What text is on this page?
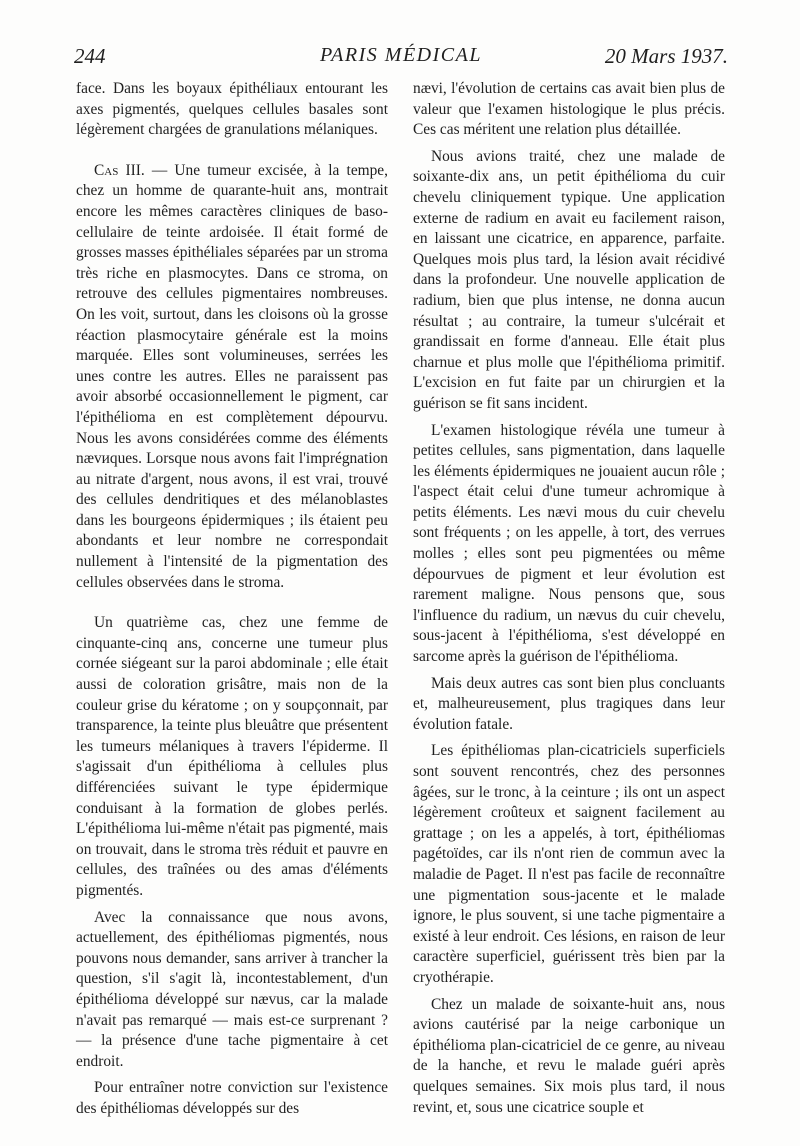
244	PARIS MÉDICAL	20 Mars 1937.

face. Dans les boyaux épithéliaux entourant les axes pigmentés, quelques cellules basales sont légèrement chargées de granulations mélaniques.

Cas III. — Une tumeur excisée, à la tempe, chez un homme de quarante-huit ans, montrait encore les mêmes caractères cliniques de baso-cellulaire de teinte ardoisée. Il était formé de grosses masses épithéliales séparées par un stroma très riche en plasmocytes. Dans ce stroma, on retrouve des cellules pigmentaires nombreuses. On les voit, surtout, dans les cloisons où la grosse réaction plasmocytaire générale est la moins marquée. Elles sont volumineuses, serrées les unes contre les autres. Elles ne paraissent pas avoir absorbé occasionnellement le pigment, car l'épithélioma en est complètement dépourvu. Nous les avons considérées comme des éléments nævиques. Lorsque nous avons fait l'imprégnation au nitrate d'argent, nous avons, il est vrai, trouvé des cellules dendritiques et des mélanoblastes dans les bourgeons épidermiques ; ils étaient peu abondants et leur nombre ne correspondait nullement à l'intensité de la pigmentation des cellules observées dans le stroma.

Un quatrième cas, chez une femme de cinquante-cinq ans, concerne une tumeur plus cornée siégeant sur la paroi abdominale ; elle était aussi de coloration grisâtre, mais non de la couleur grise du kératome ; on y soupçonnait, par transparence, la teinte plus bleuâtre que présentent les tumeurs mélaniques à travers l'épiderme. Il s'agissait d'un épithélioma à cellules plus différenciées suivant le type épidermique conduisant à la formation de globes perlés. L'épithélioma lui-même n'était pas pigmenté, mais on trouvait, dans le stroma très réduit et pauvre en cellules, des traînées ou des amas d'éléments pigmentés.

Avec la connaissance que nous avons, actuellement, des épithéliomas pigmentés, nous pouvons nous demander, sans arriver à trancher la question, s'il s'agit là, incontestablement, d'un épithélioma développé sur nævus, car la malade n'avait pas remarqué — mais est-ce surprenant ? — la présence d'une tache pigmentaire à cet endroit.

Pour entraîner notre conviction sur l'existence des épithéliomas développés sur des

nævi, l'évolution de certains cas avait bien plus de valeur que l'examen histologique le plus précis. Ces cas méritent une relation plus détaillée.

Nous avions traité, chez une malade de soixante-dix ans, un petit épithélioma du cuir chevelu cliniquement typique. Une application externe de radium en avait eu facilement raison, en laissant une cicatrice, en apparence, parfaite. Quelques mois plus tard, la lésion avait récidivé dans la profondeur. Une nouvelle application de radium, bien que plus intense, ne donna aucun résultat ; au contraire, la tumeur s'ulcérait et grandissait en forme d'anneau. Elle était plus charnue et plus molle que l'épithélioma primitif. L'excision en fut faite par un chirurgien et la guérison se fit sans incident.

L'examen histologique révéla une tumeur à petites cellules, sans pigmentation, dans laquelle les éléments épidermiques ne jouaient aucun rôle ; l'aspect était celui d'une tumeur achromique à petits éléments. Les nævi mous du cuir chevelu sont fréquents ; on les appelle, à tort, des verrues molles ; elles sont peu pigmentées ou même dépourvues de pigment et leur évolution est rarement maligne. Nous pensons que, sous l'influence du radium, un nævus du cuir chevelu, sous-jacent à l'épithélioma, s'est développé en sarcome après la guérison de l'épithélioma.

Mais deux autres cas sont bien plus concluants et, malheureusement, plus tragiques dans leur évolution fatale.

Les épithéliomas plan-cicatriciels superficiels sont souvent rencontrés, chez des personnes âgées, sur le tronc, à la ceinture ; ils ont un aspect légèrement croûteux et saignent facilement au grattage ; on les a appelés, à tort, épithéliomas pagétoïdes, car ils n'ont rien de commun avec la maladie de Paget. Il n'est pas facile de reconnaître une pigmentation sous-jacente et le malade ignore, le plus souvent, si une tache pigmentaire a existé à leur endroit. Ces lésions, en raison de leur caractère superficiel, guérissent très bien par la cryothérapie.

Chez un malade de soixante-huit ans, nous avions cautérisé par la neige carbonique un épithélioma plan-cicatriciel de ce genre, au niveau de la hanche, et revu le malade guéri après quelques semaines. Six mois plus tard, il nous revint, et, sous une cicatrice souple et
